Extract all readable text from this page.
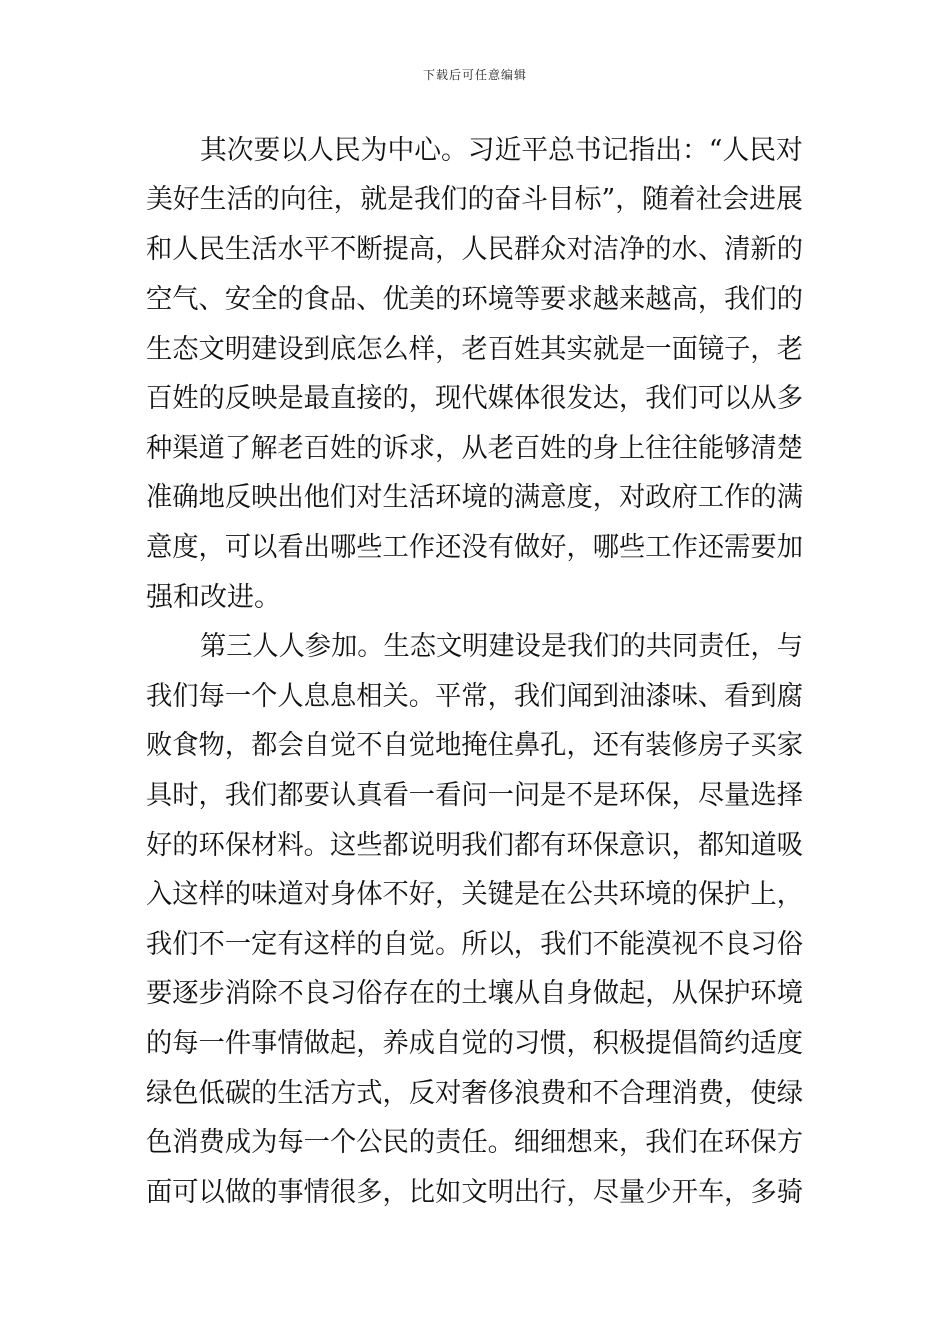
下载后可任意编辑
其次要以人民为中心。习近平总书记指出：“人民对
美好生活的向往，就是我们的奋斗目标”，随着社会进展
和人民生活水平不断提高，人民群众对洁净的水、清新的
空气、安全的食品、优美的环境等要求越来越高，我们的
生态文明建设到底怎么样，老百姓其实就是一面镜子，老
百姓的反映是最直接的，现代媒体很发达，我们可以从多
种渠道了解老百姓的诉求，从老百姓的身上往往能够清楚
准确地反映出他们对生活环境的满意度，对政府工作的满
意度，可以看出哪些工作还没有做好，哪些工作还需要加
强和改进。
第三人人参加。生态文明建设是我们的共同责任，与
我们每一个人息息相关。平常，我们闻到油漆味、看到腐
败食物，都会自觉不自觉地掩住鼻孔，还有装修房子买家
具时，我们都要认真看一看问一问是不是环保，尽量选择
好的环保材料。这些都说明我们都有环保意识，都知道吸
入这样的味道对身体不好，关键是在公共环境的保护上，
我们不一定有这样的自觉。所以，我们不能漠视不良习俗
要逐步消除不良习俗存在的土壤从自身做起，从保护环境
的每一件事情做起，养成自觉的习惯，积极提倡简约适度
绿色低碳的生活方式，反对奢侈浪费和不合理消费，使绿
色消费成为每一个公民的责任。细细想来，我们在环保方
面可以做的事情很多，比如文明出行，尽量少开车，多骑
